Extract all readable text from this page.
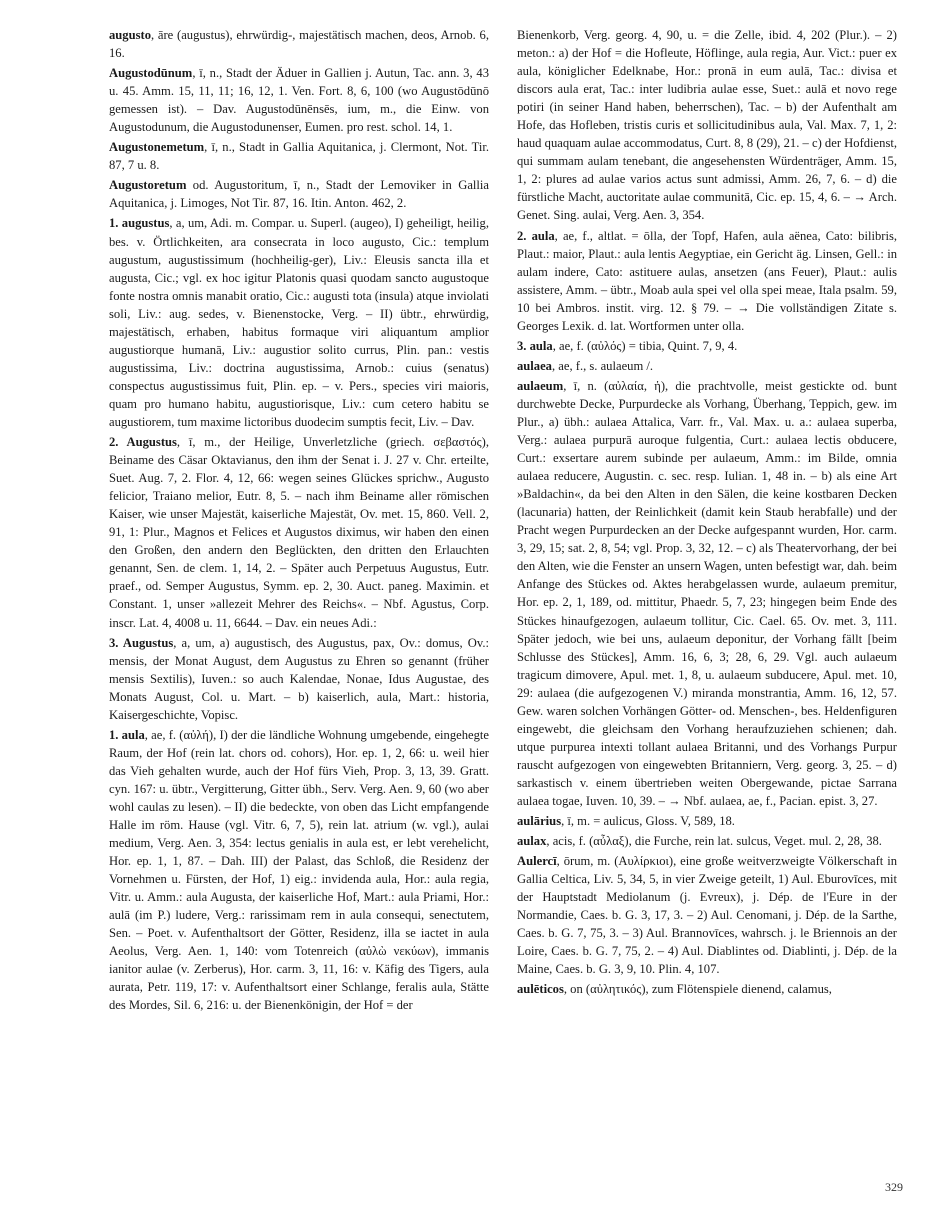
augusto, āre (augustus), ehrwürdig-, majestätisch machen, deos, Arnob. 6, 16.
Augustodūnum, ī, n., Stadt der Äduer in Gallien j. Autun, Tac. ann. 3, 43 u. 45. Amm. 15, 11, 11; 16, 12, 1. Ven. Fort. 8, 6, 100 (wo Augustōdūnō gemessen ist). – Dav. Augustodūnēnsēs, ium, m., die Einw. von Augustodunum, die Augustodunenser, Eumen. pro rest. schol. 14, 1.
Augustonemetum, ī, n., Stadt in Gallia Aquitanica, j. Clermont, Not. Tir. 87, 7 u. 8.
Augustoretum od. Augustoritum, ī, n., Stadt der Lemoviker in Gallia Aquitanica, j. Limoges, Not Tir. 87, 16. Itin. Anton. 462, 2.
1. augustus, a, um, Adi. m. Compar. u. Superl. (augeo), I) geheiligt, heilig, bes. v. Örtlichkeiten, ara consecrata in loco augusto, Cic.: templum augustum, augustissimum (hochheilig-ger), Liv.: Eleusis sancta illa et augusta, Cic.; vgl. ex hoc igitur Platonis quasi quodam sancto augustoque fonte nostra omnis manabit oratio, Cic.: augusti tota (insula) atque inviolati soli, Liv.: aug. sedes, v. Bienenstocke, Verg. – II) übtr., ehrwürdig, majestätisch, erhaben, habitus formaque viri aliquantum amplior augustiorque humanā, Liv.: augustior solito currus, Plin. pan.: vestis augustissima, Liv.: doctrina augustissima, Arnob.: cuius (senatus) conspectus augustissimus fuit, Plin. ep. – v. Pers., species viri maioris, quam pro humano habitu, augustiorisque, Liv.: cum cetero habitu se augustiorem, tum maxime lictoribus duodecim sumptis fecit, Liv. – Dav.
2. Augustus, ī, m., der Heilige, Unverletzliche (griech. σεβαστός), Beiname des Cäsar Oktavianus, den ihm der Senat i. J. 27 v. Chr. erteilte, Suet. Aug. 7, 2. Flor. 4, 12, 66: wegen seines Glückes sprichw., Augusto felicior, Traiano melior, Eutr. 8, 5. – nach ihm Beiname aller römischen Kaiser, wie unser Majestät, kaiserliche Majestät, Ov. met. 15, 860. Vell. 2, 91, 1: Plur., Magnos et Felices et Augustos diximus, wir haben den einen den Großen, den andern den Beglückten, den dritten den Erlauchten genannt, Sen. de clem. 1, 14, 2. – Später auch Perpetuus Augustus, Eutr. praef., od. Semper Augustus, Symm. ep. 2, 30. Auct. paneg. Maximin. et Constant. 1, unser »allezeit Mehrer des Reichs«. – Nbf. Agustus, Corp. inscr. Lat. 4, 4008 u. 11, 6644. – Dav. ein neues Adi.:
3. Augustus, a, um, a) augustisch, des Augustus, pax, Ov.: domus, Ov.: mensis, der Monat August, dem Augustus zu Ehren so genannt (früher mensis Sextilis), Iuven.: so auch Kalendae, Nonae, Idus Augustae, des Monats August, Col. u. Mart. – b) kaiserlich, aula, Mart.: historia, Kaisergeschichte, Vopisc.
1. aula, ae, f. (αὐλή), I) der die ländliche Wohnung umgebende, eingehegte Raum, der Hof (rein lat. chors od. cohors), Hor. ep. 1, 2, 66: u. weil hier das Vieh gehalten wurde, auch der Hof fürs Vieh, Prop. 3, 13, 39. Gratt. cyn. 167: u. übtr., Vergitterung, Gitter übh., Serv. Verg. Aen. 9, 60 (wo aber wohl caulas zu lesen). – II) die bedeckte, von oben das Licht empfangende Halle im röm. Hause (vgl. Vitr. 6, 7, 5), rein lat. atrium (w. vgl.), aulai medium, Verg. Aen. 3, 354: lectus genialis in aula est, er lebt verehelicht, Hor. ep. 1, 1, 87. – Dah. III) der Palast, das Schloß, die Residenz der Vornehmen u. Fürsten, der Hof, 1) eig.: invidenda aula, Hor.: aula regia, Vitr. u. Amm.: aula Augusta, der kaiserliche Hof, Mart.: aula Priami, Hor.: aulā (im P.) ludere, Verg.: rarissimam rem in aula consequi, senectutem, Sen. – Poet. v. Aufenthaltsort der Götter, Residenz, illa se iactet in aula Aeolus, Verg. Aen. 1, 140: vom Totenreich (αὐλὼ νεκύων), immanis ianitor aulae (v. Zerberus), Hor. carm. 3, 11, 16: v. Käfig des Tigers, aula aurata, Petr. 119, 17: v. Aufenthaltsort einer Schlange, feralis aula, Stätte des Mordes, Sil. 6, 216: u. der Bienenkönigin, der Hof = der
Bienenkorb, Verg. georg. 4, 90, u. = die Zelle, ibid. 4, 202 (Plur.). – 2) meton.: a) der Hof = die Hofleute, Höflinge, aula regia, Aur. Vict.: puer ex aula, königlicher Edelknabe, Hor.: pronā in eum aulā, Tac.: divisa et discors aula erat, Tac.: inter ludibria aulae esse, Suet.: aulā et novo rege potiri (in seiner Hand haben, beherrschen), Tac. – b) der Aufenthalt am Hofe, das Hofleben, tristis curis et sollicitudinibus aula, Val. Max. 7, 1, 2: haud quaquam aulae accommodatus, Curt. 8, 8 (29), 21. – c) der Hofdienst, qui summam aulam tenebant, die angesehensten Würdenträger, Amm. 15, 1, 2: plures ad aulae varios actus sunt admissi, Amm. 26, 7, 6. – d) die fürstliche Macht, auctoritate aulae communitā, Cic. ep. 15, 4, 6. – → Arch. Genet. Sing. aulai, Verg. Aen. 3, 354.
2. aula, ae, f., altlat. = ōlla, der Topf, Hafen, aula aënea, Cato: bilibris, Plaut.: maior, Plaut.: aula lentis Aegyptiae, ein Gericht äg. Linsen, Gell.: in aulam indere, Cato: astituere aulas, ansetzen (ans Feuer), Plaut.: aulis assistere, Amm. – übtr., Moab aula spei vel olla spei meae, Itala psalm. 59, 10 bei Ambros. instit. virg. 12. § 79. – → Die vollständigen Zitate s. Georges Lexik. d. lat. Wortformen unter olla.
3. aula, ae, f. (αὐλός) = tibia, Quint. 7, 9, 4.
aulaea, ae, f., s. aulaeum /.
aulaeum, ī, n. (αὐλαία, ἡ), die prachtvolle, meist gestickte od. bunt durchwebte Decke, Purpurdecke als Vorhang, Überhang, Teppich, gew. im Plur., a) übh.: aulaea Attalica, Varr. fr., Val. Max. u. a.: aulaea superba, Verg.: aulaea purpurā auroque fulgentia, Curt.: aulaea lectis obducere, Curt.: exsertare aurem subinde per aulaeum, Amm.: im Bilde, omnia aulaea reducere, Augustin. c. sec. resp. Iulian. 1, 48 in. – b) als eine Art »Baldachin«, da bei den Alten in den Sälen, die keine kostbaren Decken (lacunaria) hatten, der Reinlichkeit (damit kein Staub herabfalle) und der Pracht wegen Purpurdecken an der Decke aufgespannt wurden, Hor. carm. 3, 29, 15; sat. 2, 8, 54; vgl. Prop. 3, 32, 12. – c) als Theatervorhang, der bei den Alten, wie die Fenster an unsern Wagen, unten befestigt war, dah. beim Anfange des Stückes od. Aktes herabgelassen wurde, aulaeum premitur, Hor. ep. 2, 1, 189, od. mittitur, Phaedr. 5, 7, 23; hingegen beim Ende des Stückes hinaufgezogen, aulaeum tollitur, Cic. Cael. 65. Ov. met. 3, 111. Später jedoch, wie bei uns, aulaeum deponitur, der Vorhang fällt [beim Schlusse des Stückes], Amm. 16, 6, 3; 28, 6, 29. Vgl. auch aulaeum tragicum dimovere, Apul. met. 1, 8, u. aulaeum subducere, Apul. met. 10, 29: aulaea (die aufgezogenen V.) miranda monstrantia, Amm. 16, 12, 57. Gew. waren solchen Vorhängen Götter- od. Menschen-, bes. Heldenfiguren eingewebt, die gleichsam den Vorhang heraufzuziehen schienen; dah. utque purpurea intexti tollant aulaea Britanni, und des Vorhangs Purpur rauscht aufgezogen von eingewebten Britanniern, Verg. georg. 3, 25. – d) sarkastisch v. einem übertrieben weiten Obergewande, pictae Sarrana aulaea togae, Iuven. 10, 39. – → Nbf. aulaea, ae, f., Pacian. epist. 3, 27.
aulārius, ī, m. = aulicus, Gloss. V, 589, 18.
aulax, acis, f. (αὖλαξ), die Furche, rein lat. sulcus, Veget. mul. 2, 28, 38.
Aulercī, ōrum, m. (Αυλίρκιοι), eine große weitverzweigte Völkerschaft in Gallia Celtica, Liv. 5, 34, 5, in vier Zweige geteilt, 1) Aul. Eburovīces, mit der Hauptstadt Mediolanum (j. Evreux), j. Dép. de l'Eure in der Normandie, Caes. b. G. 3, 17, 3. – 2) Aul. Cenomani, j. Dép. de la Sarthe, Caes. b. G. 7, 75, 3. – 3) Aul. Brannovīces, wahrsch. j. le Briennois an der Loire, Caes. b. G. 7, 75, 2. – 4) Aul. Diablintes od. Diablinti, j. Dép. de la Maine, Caes. b. G. 3, 9, 10. Plin. 4, 107.
aulēticos, on (αὐλητικός), zum Flötenspiele dienend, calamus,
329
